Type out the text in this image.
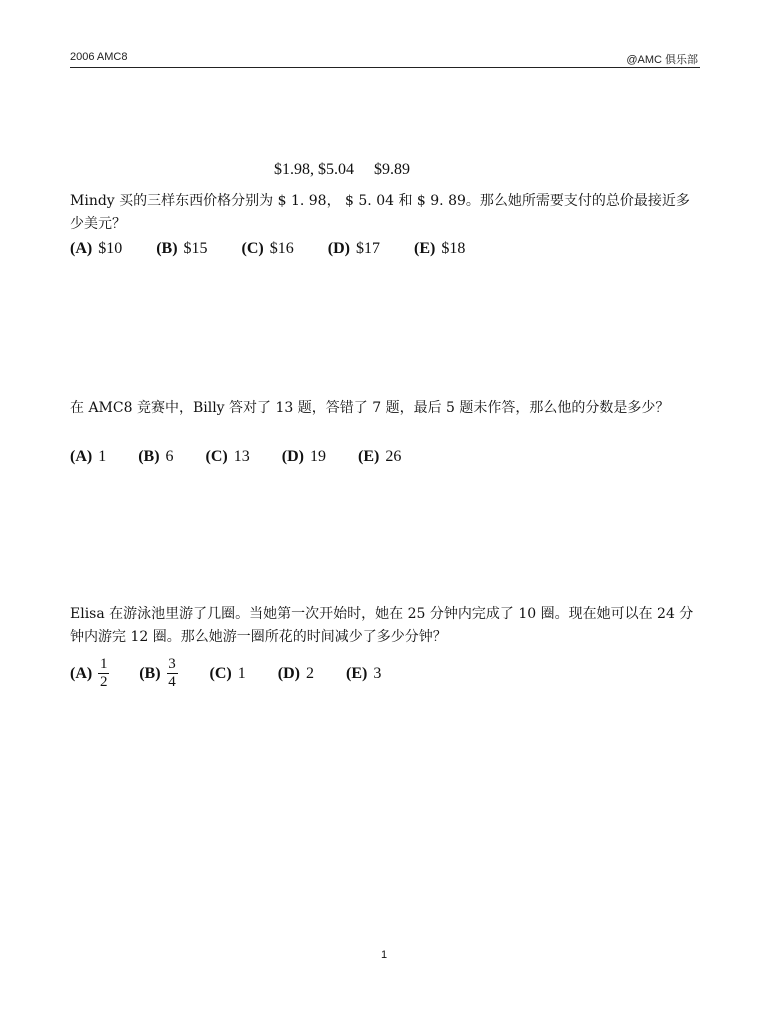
2006 AMC8	@AMC 俱乐部
$1.98, $5.04 $9.89
Mindy 买的三样东西价格分别为 $ 1. 98， $ 5. 04 和 $ 9. 89。那么她所需要支付的总价最接近多少美元？
(A) $10 (B) $15 (C) $16 (D) $17 (E) $18
在 AMC8 竞赛中，Billy 答对了 13 题，答错了 7 题，最后 5 题未作答，那么他的分数是多少？
(A) 1 (B) 6 (C) 13 (D) 19 (E) 26
Elisa 在游泳池里游了几圈。当她第一次开始时，她在 25 分钟内完成了 10 圈。现在她可以在 24 分钟内游完 12 圈。那么她游一圈所花的时间减少了多少分钟？
$(A) \frac{1}{2} (B) \frac{3}{4} (C)$ 1 (D) 2 (E) 3
1
